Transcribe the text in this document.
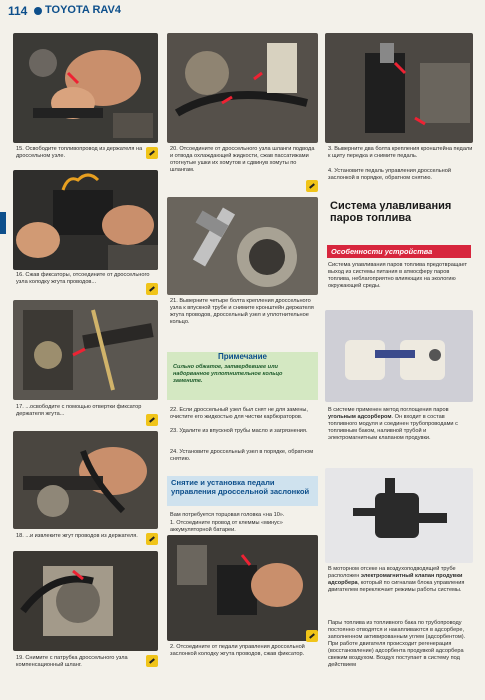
114 TOYOTA RAV4
15. Освободите топливопровод из держателя на дроссельном узле.
16. Сжав фиксаторы, отсоедините от дроссельного узла колодку жгута проводов...
17. ...освободите с помощью отвертки фиксатор держателя жгута...
18. ...и извлеките жгут проводов из держателя.
19. Снимите с патрубка дроссельного узла компенсационный шланг.
20. Отсоедините от дроссельного узла шланги подвода и отвода охлаждающей жидкости, сжав пассатижами отогнутые ушки их хомутов и сдвинув хомуты по шлангам.
21. Выверните четыре болта крепления дроссельного узла к впускной трубе и снимите кронштейн держателя жгута проводов, дроссельный узел и уплотнительное кольцо.
Примечание
Сильно обжатое, затвердевшее или надорванное уплотнительное кольцо замените.
22. Если дроссельный узел был снят не для замены, очистите его жидкостью для чистки карбюраторов.
23. Удалите из впускной трубы масло и загрязнения.
24. Установите дроссельный узел в порядке, обратном снятию.
Снятие и установка педали управления дроссельной заслонкой
Вам потребуется торцовая головка «на 10».
1. Отсоедините провод от клеммы «минус» аккумуляторной батареи.
2. Отсоедините от педали управления дроссельной заслонкой колодку жгута проводов, сжав фиксатор.
3. Выверните два болта крепления кронштейна педали к щиту передка и снимите педаль.
4. Установите педаль управления дроссельной заслонкой в порядке, обратном снятию.
Система улавливания паров топлива
Особенности устройства
Система улавливания паров топлива предотвращает выход из системы питания в атмосферу паров топлива, неблагоприятно влияющих на экологию окружающей среды.
В системе применен метод поглощения паров угольным адсорбером. Он входит в состав топливного модуля и соединен трубопроводами с топливным баком, наливной трубой и электромагнитным клапаном продувки.
В моторном отсеке на воздухоподводящей трубе расположен электромагнитный клапан продувки адсорбера, который по сигналам блока управления двигателем переключает режимы работы системы.
Пары топлива из топливного бака по трубопроводу постоянно отводятся и накапливаются в адсорбере, заполненном активированным углем (адсорбентом). При работе двигателя происходит регенерация (восстановление) адсорбента продувкой адсорбера свежим воздухом. Воздух поступает в систему под действием
